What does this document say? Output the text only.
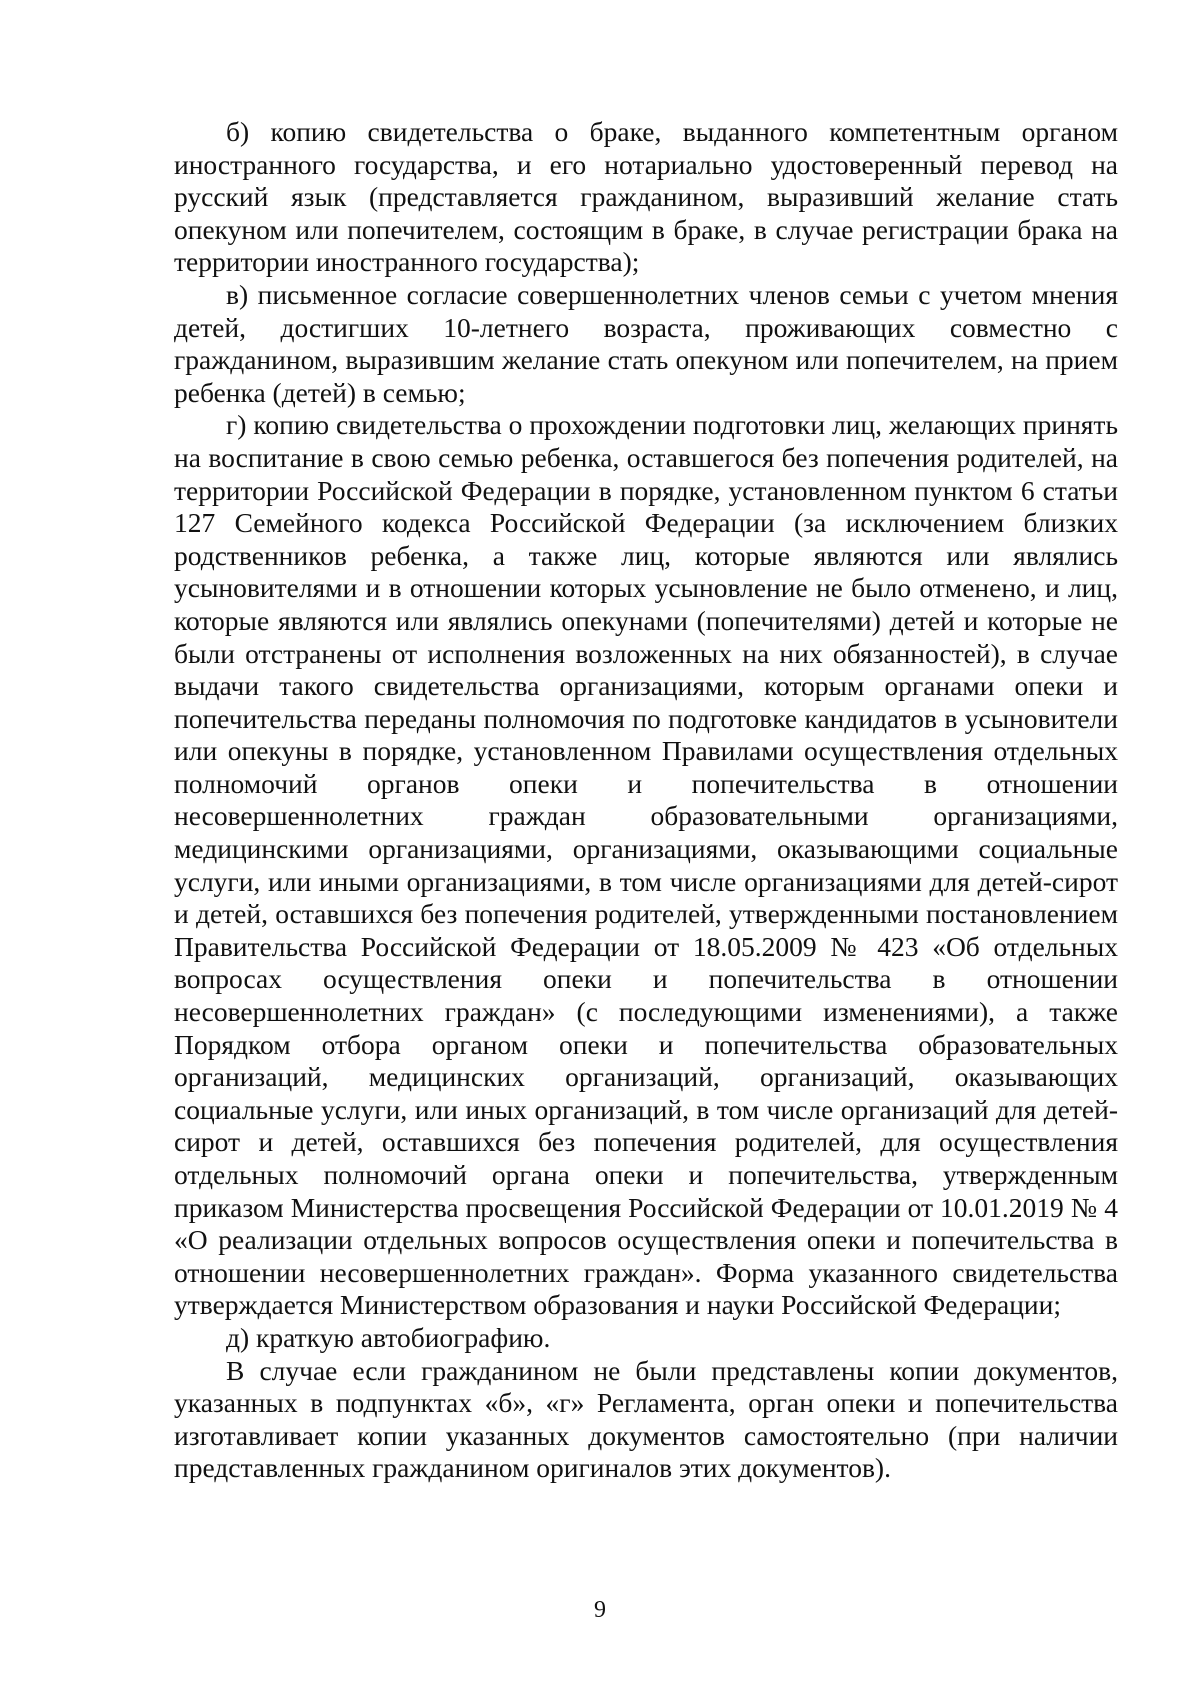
б) копию свидетельства о браке, выданного компетентным органом иностранного государства, и его нотариально удостоверенный перевод на русский язык (представляется гражданином, выразивший желание стать опекуном или попечителем, состоящим в браке, в случае регистрации брака на территории иностранного государства);

в) письменное согласие совершеннолетних членов семьи с учетом мнения детей, достигших 10-летнего возраста, проживающих совместно с гражданином, выразившим желание стать опекуном или попечителем, на прием ребенка (детей) в семью;

г) копию свидетельства о прохождении подготовки лиц, желающих принять на воспитание в свою семью ребенка, оставшегося без попечения родителей, на территории Российской Федерации в порядке, установленном пунктом 6 статьи 127 Семейного кодекса Российской Федерации (за исключением близких родственников ребенка, а также лиц, которые являются или являлись усыновителями и в отношении которых усыновление не было отменено, и лиц, которые являются или являлись опекунами (попечителями) детей и которые не были отстранены от исполнения возложенных на них обязанностей), в случае выдачи такого свидетельства организациями, которым органами опеки и попечительства переданы полномочия по подготовке кандидатов в усыновители или опекуны в порядке, установленном Правилами осуществления отдельных полномочий органов опеки и попечительства в отношении несовершеннолетних граждан образовательными организациями, медицинскими организациями, организациями, оказывающими социальные услуги, или иными организациями, в том числе организациями для детей-сирот и детей, оставшихся без попечения родителей, утвержденными постановлением Правительства Российской Федерации от 18.05.2009 № 423 «Об отдельных вопросах осуществления опеки и попечительства в отношении несовершеннолетних граждан» (с последующими изменениями), а также Порядком отбора органом опеки и попечительства образовательных организаций, медицинских организаций, организаций, оказывающих социальные услуги, или иных организаций, в том числе организаций для детей-сирот и детей, оставшихся без попечения родителей, для осуществления отдельных полномочий органа опеки и попечительства, утвержденным приказом Министерства просвещения Российской Федерации от 10.01.2019 № 4 «О реализации отдельных вопросов осуществления опеки и попечительства в отношении несовершеннолетних граждан». Форма указанного свидетельства утверждается Министерством образования и науки Российской Федерации;

д) краткую автобиографию.

В случае если гражданином не были представлены копии документов, указанных в подпунктах «б», «г» Регламента, орган опеки и попечительства изготавливает копии указанных документов самостоятельно (при наличии представленных гражданином оригиналов этих документов).

9
